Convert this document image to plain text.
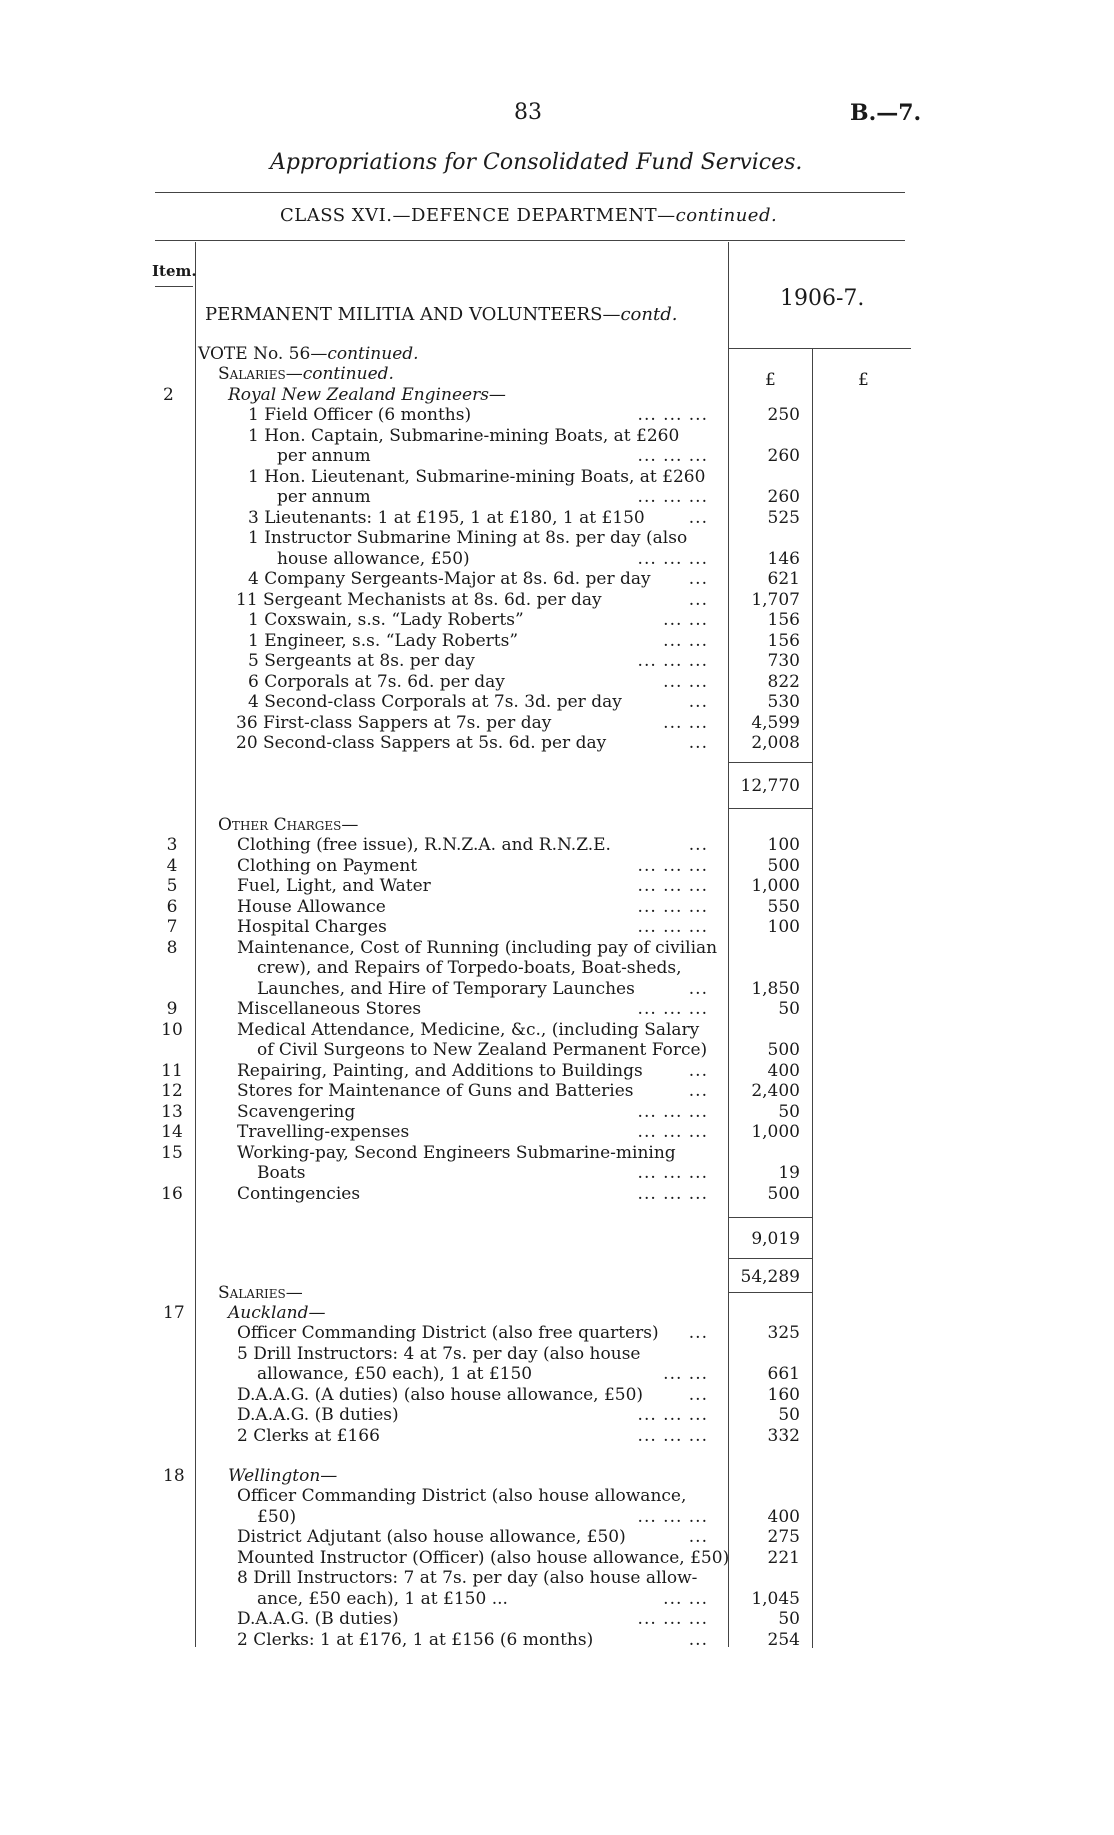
83	B.—7.
Appropriations for Consolidated Fund Services.
CLASS XVI.—DEFENCE DEPARTMENT—continued.
Item.
PERMANENT MILITIA AND VOLUNTEERS—contd.
1906-7.
VOTE No. 56—continued.
Salaries—continued.	£	£
2	Royal New Zealand Engineers—
1 Field Officer (6 months)	... ... ...	250
1 Hon. Captain, Submarine-mining Boats, at £260
per annum	... ... ...	260
1 Hon. Lieutenant, Submarine-mining Boats, at £260
per annum	... ... ...	260
3 Lieutenants: 1 at £195, 1 at £180, 1 at £150	...	525
1 Instructor Submarine Mining at 8s. per day (also
house allowance, £50)	... ... ...	146
4 Company Sergeants-Major at 8s. 6d. per day ...	621
11 Sergeant Mechanists at 8s. 6d. per day	...	1,707
1 Coxswain, s.s. “Lady Roberts”	... ...	156
1 Engineer, s.s. “Lady Roberts”	... ...	156
5 Sergeants at 8s. per day	... ... ...	730
6 Corporals at 7s. 6d. per day	... ...	822
4 Second-class Corporals at 7s. 3d. per day	...	530
36 First-class Sappers at 7s. per day	... ...	4,599
20 Second-class Sappers at 5s. 6d. per day	...	2,008
12,770
Other Charges—
3	Clothing (free issue), R.N.Z.A. and R.N.Z.E.	...	100
4	Clothing on Payment	... ... ...	500
5	Fuel, Light, and Water	... ... ...	1,000
6	House Allowance	... ... ...	550
7	Hospital Charges	... ... ...	100
8	Maintenance, Cost of Running (including pay of civilian
crew), and Repairs of Torpedo-boats, Boat-sheds,
Launches, and Hire of Temporary Launches	...	1,850
9	Miscellaneous Stores	... ... ...	50
10	Medical Attendance, Medicine, &c., (including Salary
of Civil Surgeons to New Zealand Permanent Force)	500
11	Repairing, Painting, and Additions to Buildings	...	400
12	Stores for Maintenance of Guns and Batteries	...	2,400
13	Scavengering	... ... ...	50
14	Travelling-expenses	... ... ...	1,000
15	Working-pay, Second Engineers Submarine-mining
Boats	... ... ...	19
16	Contingencies	... ... ...	500
9,019
54,289
Salaries—
17	Auckland—
Officer Commanding District (also free quarters) ...	325
5 Drill Instructors: 4 at 7s. per day (also house
allowance, £50 each), 1 at £150	... ...	661
D.A.A.G. (A duties) (also house allowance, £50)	...	160
D.A.A.G. (B duties)	... ... ...	50
2 Clerks at £166	... ... ...	332
18	Wellington—
Officer Commanding District (also house allowance,
£50)	... ... ...	400
District Adjutant (also house allowance, £50)	...	275
Mounted Instructor (Officer) (also house allowance, £50) 221
8 Drill Instructors: 7 at 7s. per day (also house allow-
ance, £50 each), 1 at £150 ...	... ...	1,045
D.A.A.G. (B duties)	... ... ...	50
2 Clerks: 1 at £176, 1 at £156 (6 months)	...	254
